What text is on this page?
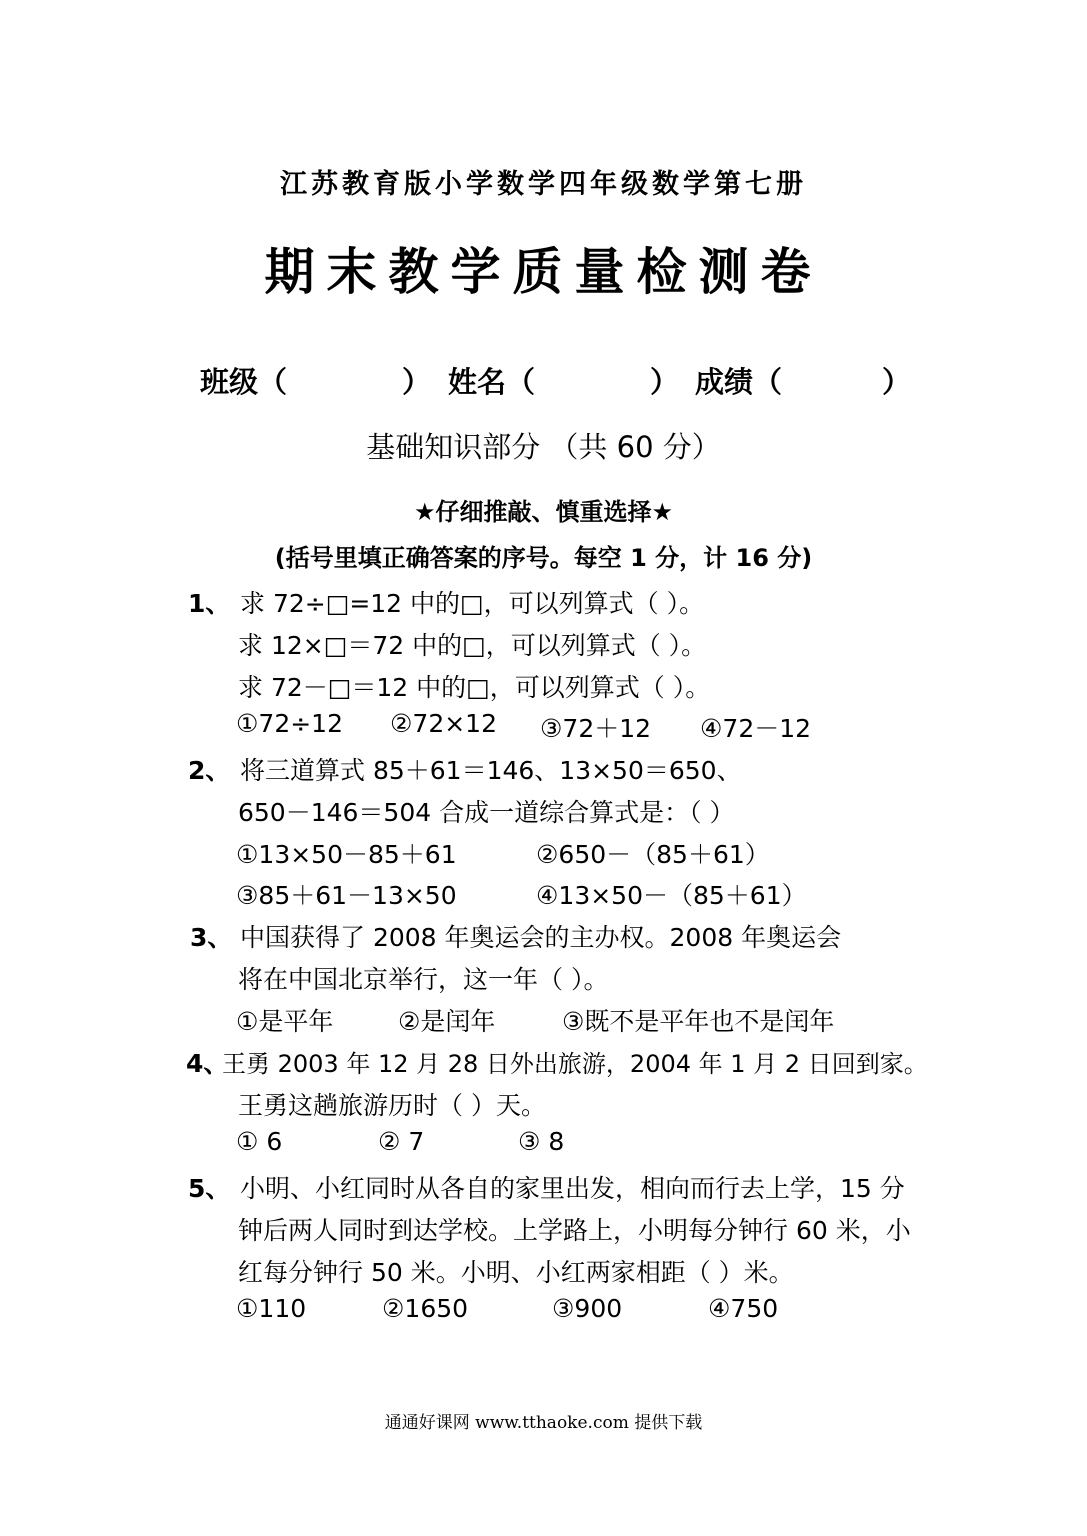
江苏教育版小学数学四年级数学第七册
期末教学质量检测卷
班级（	） 姓名（	） 成绩（	）
基础知识部分 （共 60 分）
★仔细推敲、慎重选择★
(括号里填正确答案的序号。每空 1 分，计 16 分)
1、 求 72÷□=12 中的□，可以列算式（ ）。
求 12×□＝72 中的□，可以列算式（ ）。
求 72－□＝12 中的□，可以列算式（ ）。
①72÷12 ②72×12 ③72＋12 ④72－12
2、 将三道算式 85＋61＝146、13×50＝650、
650－146＝504 合成一道综合算式是：（ ）
①13×50－85＋61	②650－（85＋61）
③85＋61－13×50	④13×50－（85＋61）
3、 中国获得了 2008 年奥运会的主办权。2008 年奥运会
将在中国北京举行，这一年（ ）。
①是平年	②是闰年	③既不是平年也不是闰年
4、
王勇 2003 年 12 月 28 日外出旅游，2004 年 1 月 2 日回到家。
王勇这趟旅游历时（ ）天。
① 6	② 7	③ 8
5、 小明、小红同时从各自的家里出发，相向而行去上学，15 分
钟后两人同时到达学校。上学路上，小明每分钟行 60 米，小
红每分钟行 50 米。小明、小红两家相距（ ）米。
①110	②1650	③900	④750
通通好课网 www.tthaoke.com 提供下载
